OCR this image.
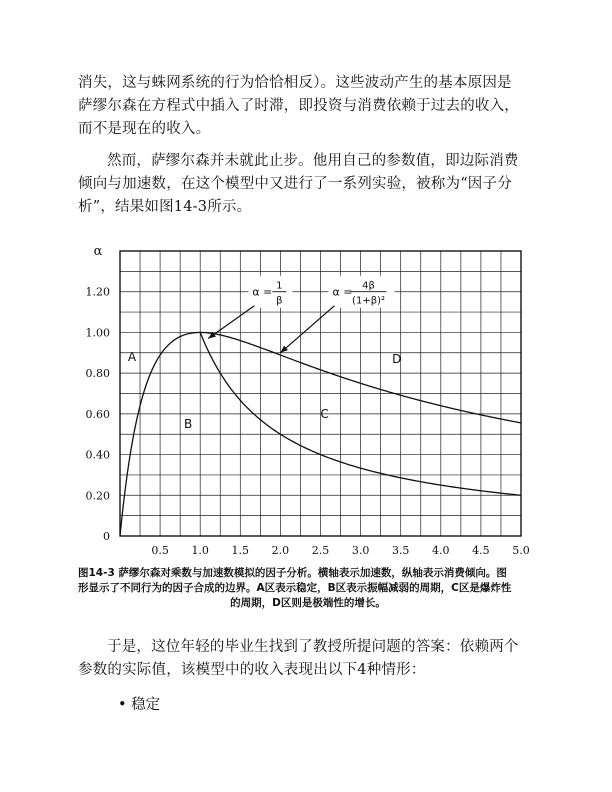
消失，这与蛛网系统的行为恰恰相反）。这些波动产生的基本原因是
萨缪尔森在方程式中插入了时滞，即投资与消费依赖于过去的收入，
而不是现在的收入。

然而，萨缪尔森并未就此止步。他用自己的参数值，即边际消费
倾向与加速数，在这个模型中又进行了一系列实验，被称为“因子分
析”，结果如图14-3所示。

0.5 1.0 1.5 2.0 2.5 3.0 3.5 4.0 4.5 5.0
0
0.20
0.40
0.60
0.80
1.00
1.20
α
A
B
C
D
α = 1
β
α = 4β
(1+β)²
图14-3 萨缪尔森对乘数与加速数模拟的因子分析。横轴表示加速数，纵轴表示消费倾向。图
形显示了不同行为的因子合成的边界。A区表示稳定，B区表示振幅减弱的周期，C区是爆炸性
的周期，D区则是极端性的增长。

于是，这位年轻的毕业生找到了教授所提问题的答案：依赖两个
参数的实际值，该模型中的收入表现出以下4种情形：

• 稳定
